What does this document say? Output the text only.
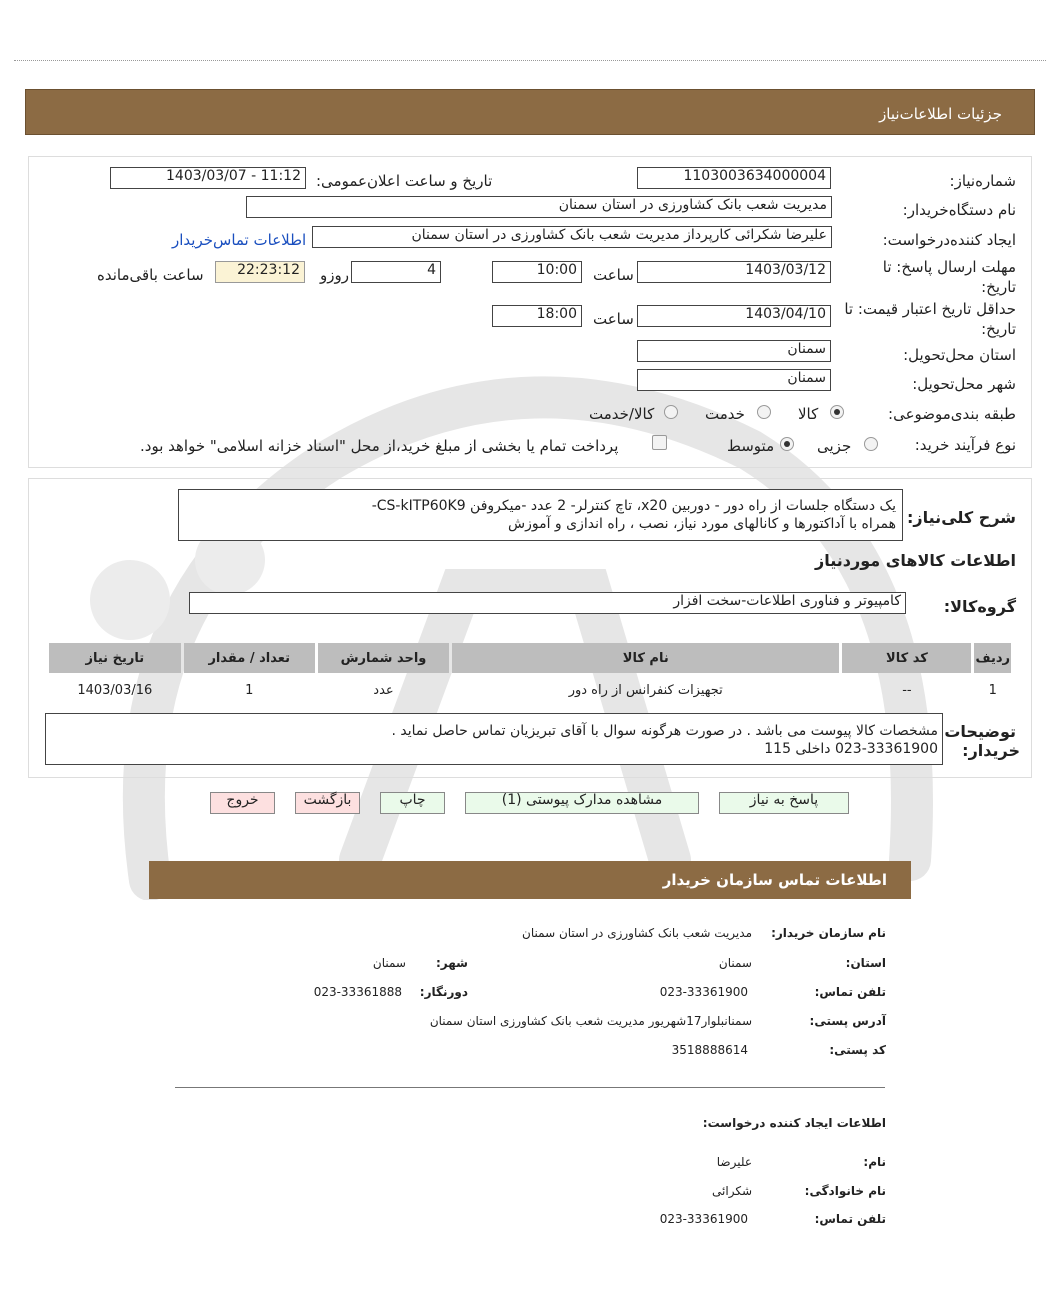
جزئیات اطلاعات‌نیاز
شماره‌نیاز:
1103003634000004
تاریخ و ساعت اعلان‌عمومی:
1403/03/07 - 11:12
نام دستگاه‌خریدار:
مدیریت شعب بانک کشاورزی در استان سمنان
ایجاد کننده‌درخواست:
علیرضا شکرائی کارپرداز مدیریت شعب بانک کشاورزی در استان سمنان
اطلاعات تماس‌خریدار
مهلت ارسال پاسخ: تا تاریخ:
1403/03/12
ساعت
10:00
4
روزو
22:23:12
ساعت باقی‌مانده
حداقل تاریخ اعتبار قیمت: تا تاریخ:
1403/04/10
ساعت
18:00
استان محل‌تحویل:
سمنان
شهر محل‌تحویل:
سمنان
طبقه بندی‌موضوعی:
کالا
خدمت
کالا/خدمت
نوع فرآیند خرید:
جزیی
متوسط
پرداخت تمام یا بخشی از مبلغ خرید،از محل "اسناد خزانه اسلامی" خواهد بود.
شرح کلی‌نیاز:
یک دستگاه جلسات از راه دور - دوربین x20، تاچ کنترلر- 2 عدد -میکروفن CS-kITP60K9-
همراه با آداکتورها و کانالهای مورد نیاز، نصب ، راه اندازی و آموزش
اطلاعات کالاهای موردنیاز
گروه‌کالا:
کامپیوتر و فناوری اطلاعات-سخت افزار
ردیف	کد کالا	نام کالا	واحد شمارش	تعداد / مقدار	تاریخ نیاز
1	--	تجهیزات کنفرانس از راه دور	عدد	1	1403/03/16
توضیحات
خریدار:
مشخصات کالا پیوست می باشد . در صورت هرگونه سوال با آقای تبریزیان تماس حاصل نماید .
023-33361900 داخلی 115
پاسخ به نیاز
مشاهده مدارک پیوستی (1)
چاپ
بازگشت
خروج
اطلاعات تماس سازمان خریدار
نام سازمان خریدار:
مدیریت شعب بانک کشاورزی در استان سمنان
استان:
سمنان
شهر:
سمنان
تلفن تماس:
023-33361900
دورنگار:
023-33361888
آدرس پستی:
سمنانبلوار17شهریور مدیریت شعب بانک کشاورزی استان سمنان
کد پستی:
3518888614
اطلاعات ایجاد کننده درخواست:
نام:
علیرضا
نام خانوادگی:
شکرائی
تلفن تماس:
023-33361900
